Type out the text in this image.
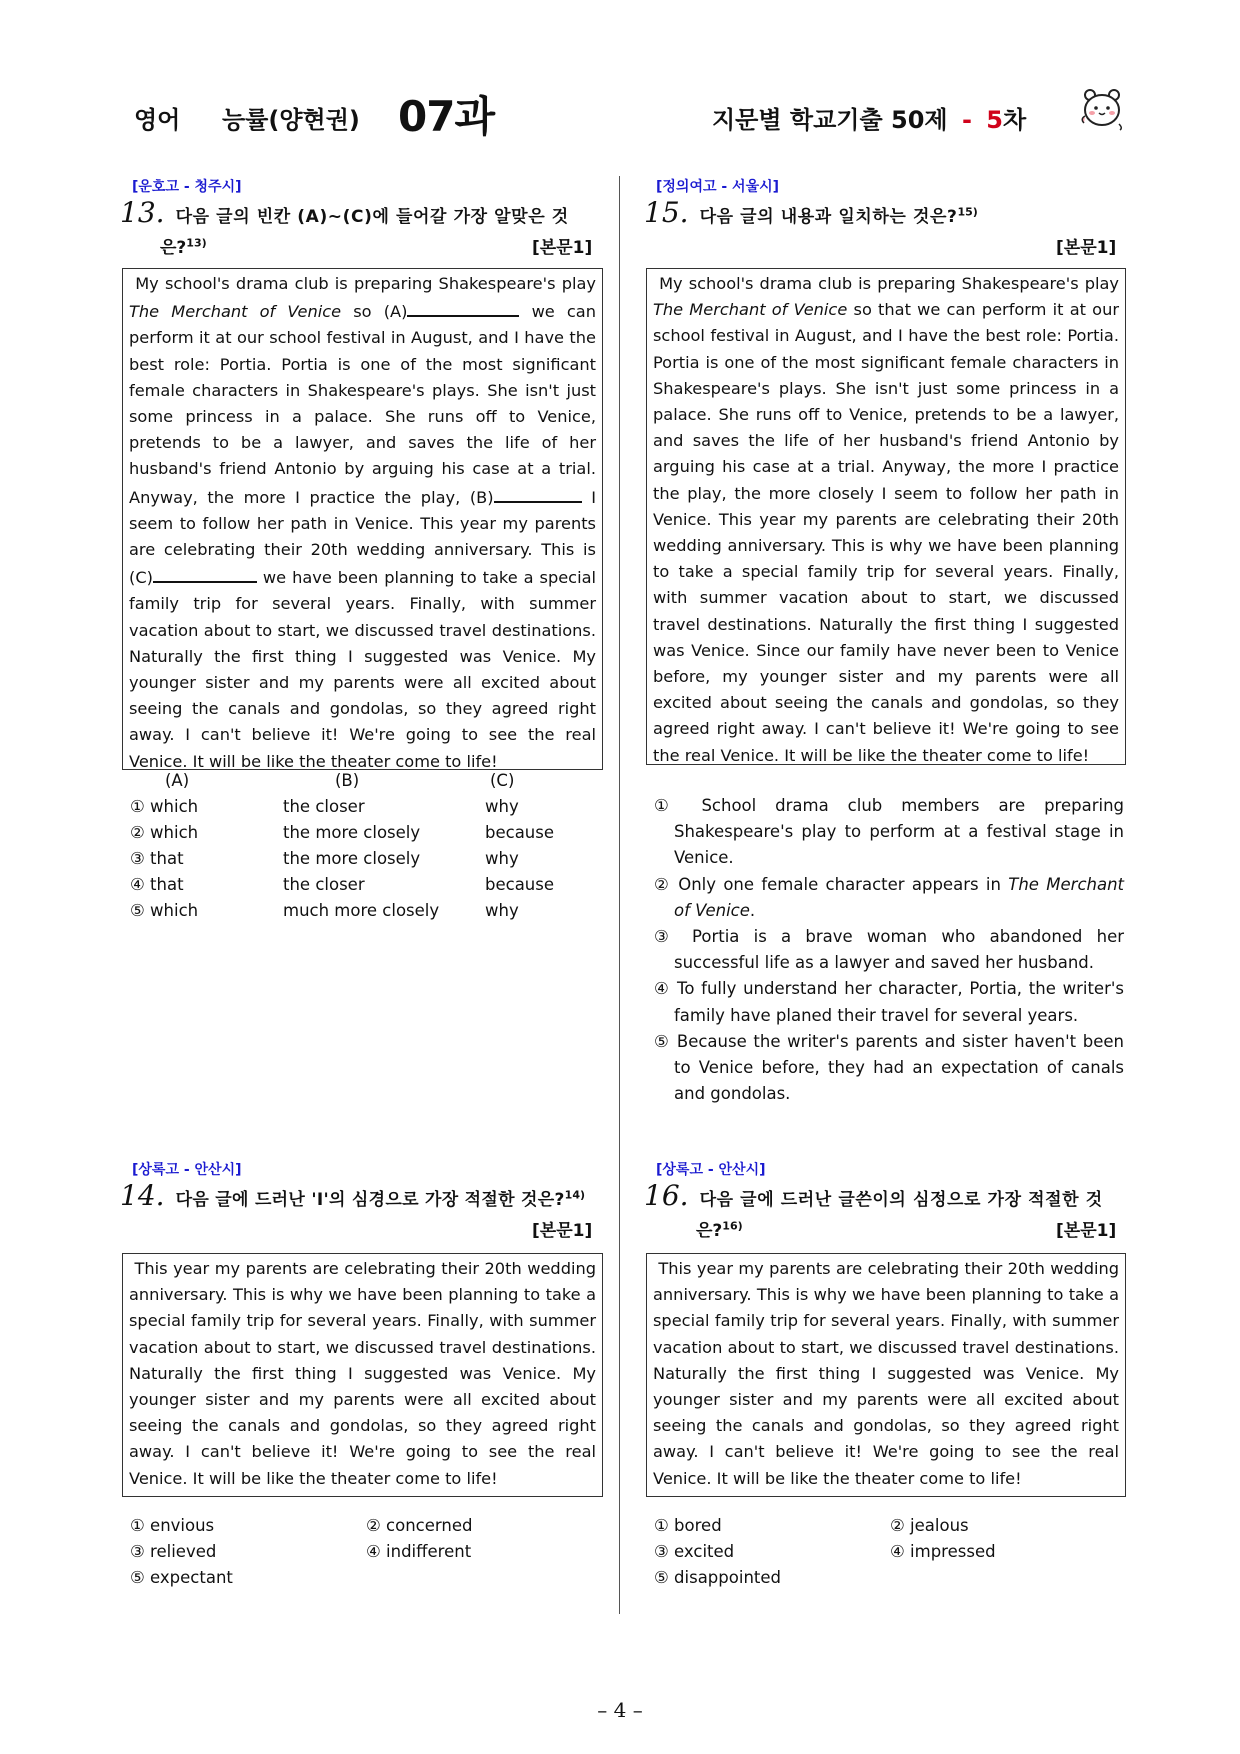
영어 능률(양현권) 07과	지문별 학교기출 50제 - 5차
[운호고 - 청주시]
13. 다음 글의 빈칸 (A)~(C)에 들어갈 가장 알맞은 것
은?$^{13)}$	[본문1]

My school's drama club is preparing Shakespeare's play The Merchant of Venice so (A)	we can perform it at our school festival in August, and I have the best role: Portia. Portia is one of the most significant female characters in Shakespeare's plays. She isn't just some princess in a palace. She runs off to Venice, pretends to be a lawyer, and saves the life of her husband's friend Antonio by arguing his case at a trial. Anyway, the more I practice the play, (B)	I seem to follow her path in Venice. This year my parents are celebrating their 20th wedding anniversary. This is (C)	we have been planning to take a special family trip for several years. Finally, with summer vacation about to start, we discussed travel destinations. Naturally the first thing I suggested was Venice. My younger sister and my parents were all excited about seeing the canals and gondolas, so they agreed right away. I can't believe it! We're going to see the real Venice. It will be like the theater come to life!

(A)	(B)	(C)
① which	the closer	why
② which	the more closely	because
③ that	the more closely	why
④ that	the closer	because
⑤ which	much more closely	why
[정의여고 - 서울시]
15. 다음 글의 내용과 일치하는 것은?$^{15)}$
[본문1]

My school's drama club is preparing Shakespeare's play The Merchant of Venice so that we can perform it at our school festival in August, and I have the best role: Portia. Portia is one of the most significant female characters in Shakespeare's plays. She isn't just some princess in a palace. She runs off to Venice, pretends to be a lawyer, and saves the life of her husband's friend Antonio by arguing his case at a trial. Anyway, the more I practice the play, the more closely I seem to follow her path in Venice. This year my parents are celebrating their 20th wedding anniversary. This is why we have been planning to take a special family trip for several years. Finally, with summer vacation about to start, we discussed travel destinations. Naturally the first thing I suggested was Venice. Since our family have never been to Venice before, my younger sister and my parents were all excited about seeing the canals and gondolas, so they agreed right away. I can't believe it! We're going to see the real Venice. It will be like the theater come to life!

① School drama club members are preparing Shakespeare's play to perform at a festival stage in Venice.

② Only one female character appears in The Merchant of Venice.

③ Portia is a brave woman who abandoned her successful life as a lawyer and saved her husband.

④ To fully understand her character, Portia, the writer's family have planed their travel for several years.

⑤ Because the writer's parents and sister haven't been to Venice before, they had an expectation of canals and gondolas.

[상록고 - 안산시]
14. 다음 글에 드러난 'I'의 심경으로 가장 적절한 것은?$^{14)}$
[본문1]

This year my parents are celebrating their 20th wedding anniversary. This is why we have been planning to take a special family trip for several years. Finally, with summer vacation about to start, we discussed travel destinations. Naturally the first thing I suggested was Venice. My younger sister and my parents were all excited about seeing the canals and gondolas, so they agreed right away. I can't believe it! We're going to see the real Venice. It will be like the theater come to life!

① envious	② concerned
③ relieved	④ indifferent
⑤ expectant
[상록고 - 안산시]
16. 다음 글에 드러난 글쓴이의 심정으로 가장 적절한 것
은?$^{16)}$	[본문1]

This year my parents are celebrating their 20th wedding anniversary. This is why we have been planning to take a special family trip for several years. Finally, with summer vacation about to start, we discussed travel destinations. Naturally the first thing I suggested was Venice. My younger sister and my parents were all excited about seeing the canals and gondolas, so they agreed right away. I can't believe it! We're going to see the real Venice. It will be like the theater come to life!

① bored	② jealous
③ excited	④ impressed
⑤ disappointed
– 4 –
